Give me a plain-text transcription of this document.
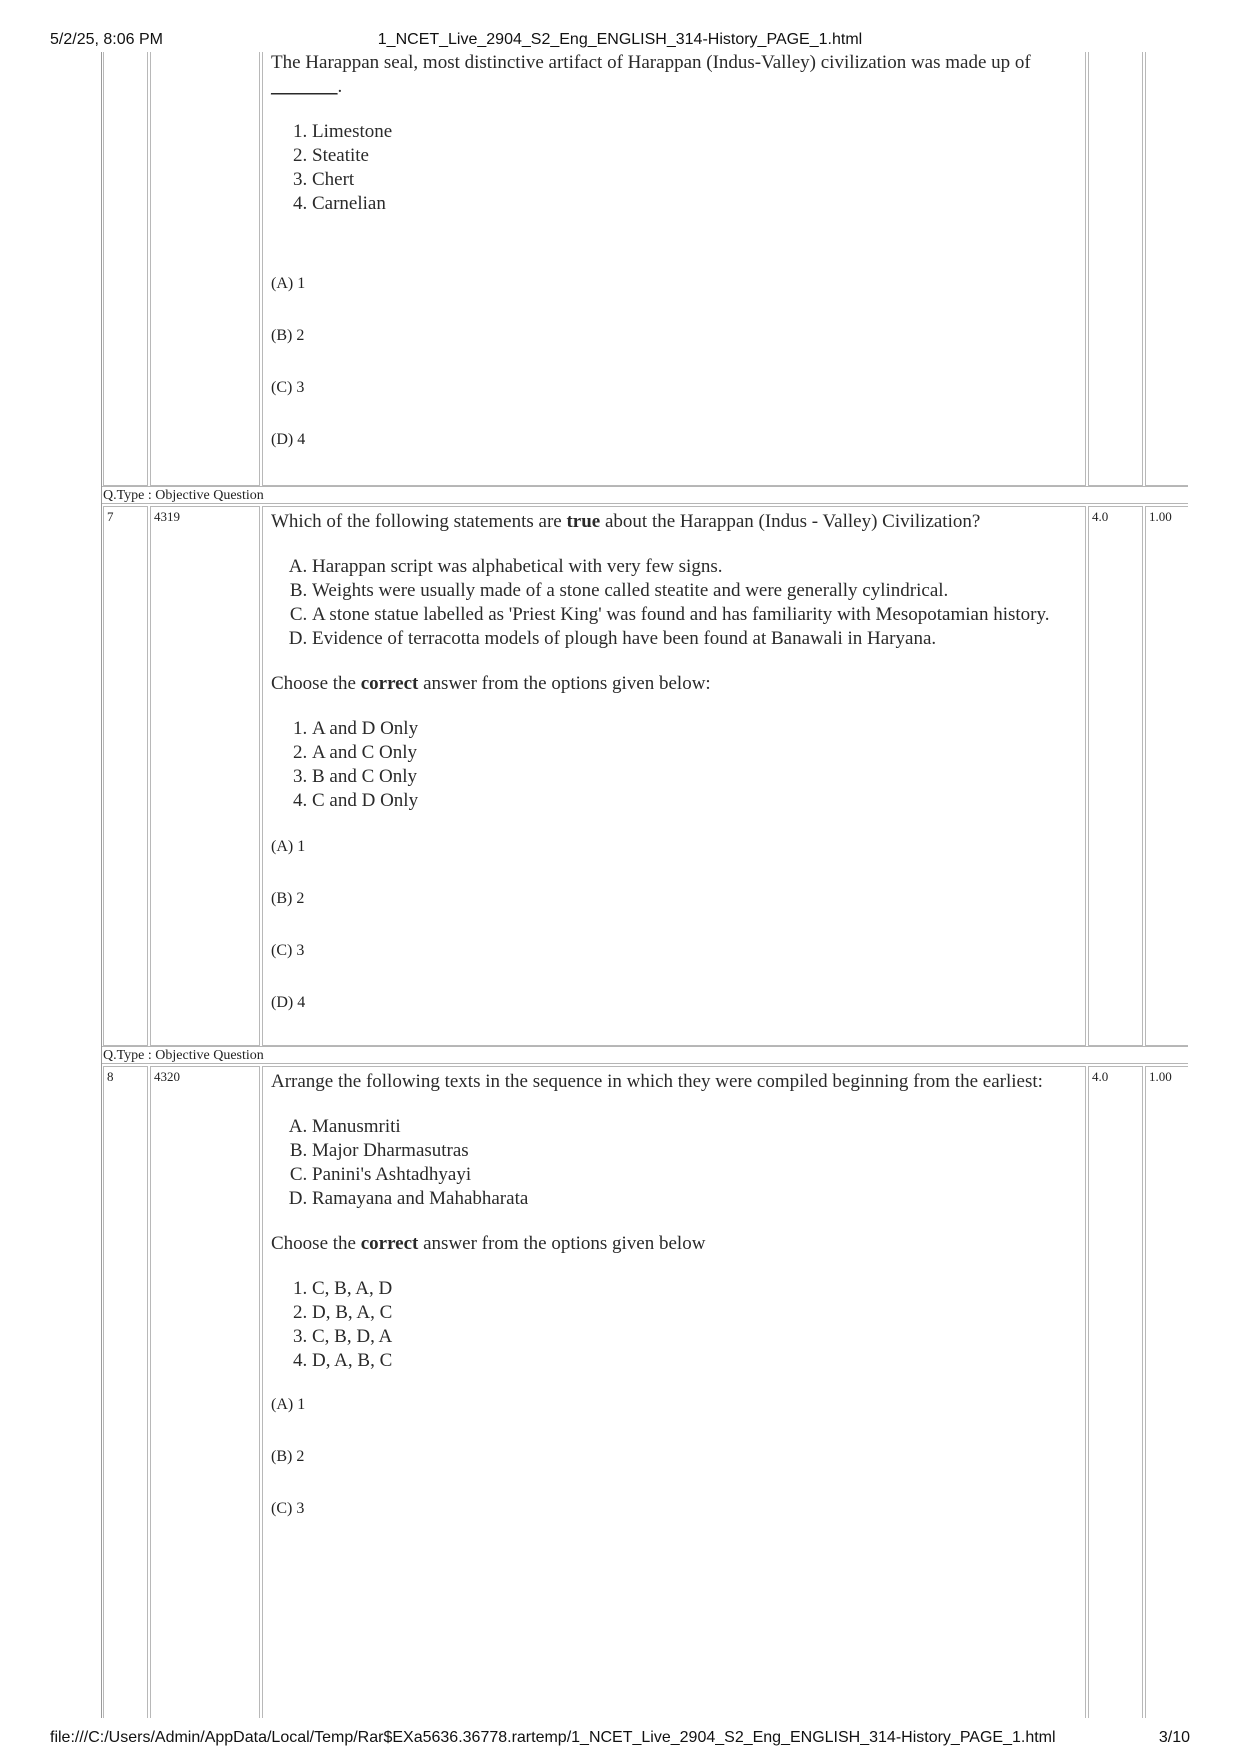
5/2/25, 8:06 PM	1_NCET_Live_2904_S2_Eng_ENGLISH_314-History_PAGE_1.html

The Harappan seal, most distinctive artifact of Harappan (Indus-Valley) civilization was made up of
_______.

1. Limestone
2. Steatite
3. Chert
4. Carnelian
(A) 1
(B) 2
(C) 3
(D) 4
Q.Type : Objective Question
7	4319	Which of the following statements are true about the Harappan (Indus - Valley) Civilization?

A. Harappan script was alphabetical with very few signs.
B. Weights were usually made of a stone called steatite and were generally cylindrical.
C. A stone statue labelled as 'Priest King' was found and has familiarity with Mesopotamian history.
D. Evidence of terracotta models of plough have been found at Banawali in Haryana.

Choose the correct answer from the options given below:

1. A and D Only
2. A and C Only
3. B and C Only
4. C and D Only
(A) 1
(B) 2
(C) 3
(D) 4
4.0	1.00
Q.Type : Objective Question
8	4320	Arrange the following texts in the sequence in which they were compiled beginning from the earliest:

A. Manusmriti
B. Major Dharmasutras
C. Panini's Ashtadhyayi
D. Ramayana and Mahabharata

Choose the correct answer from the options given below

1. C, B, A, D
2. D, B, A, C
3. C, B, D, A
4. D, A, B, C
(A) 1
(B) 2
(C) 3
4.0	1.00
file:///C:/Users/Admin/AppData/Local/Temp/Rar$EXa5636.36778.rartemp/1_NCET_Live_2904_S2_Eng_ENGLISH_314-History_PAGE_1.html	3/10
